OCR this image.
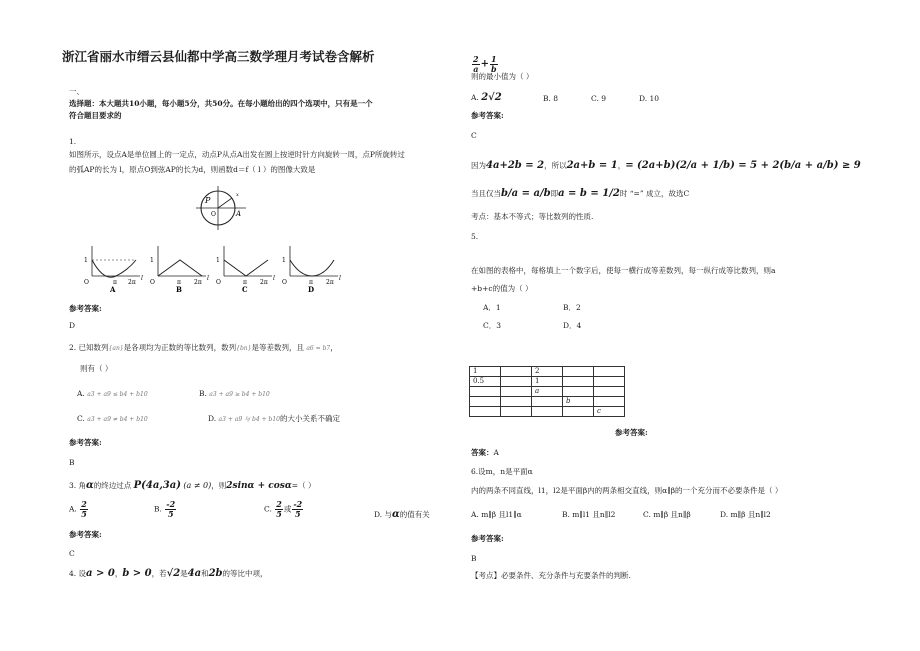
浙江省丽水市缙云县仙都中学高三数学理月考试卷含解析
一、
选择题：本大题共10小题，每小题5分，共50分。在每小题给出的四个选项中，只有是一个
符合题目要求的
1.
如图所示，设点A是单位圆上的一定点，动点P从点A出发在圆上按逆时针方向旋转一周，点P所旋转过
的弧AP的长为 l，原点O到弦AP的长为d，则函数d＝f（ l ）的图像大致是
P
O	A
x
1
O	π 2π
l
A
1
O	π 2π
l
B
1
O	π 2π
l
C
1
O	π 2π
l
D
参考答案:
D
2. 已知数列{an}是各项均为正数的等比数列，数列{bn}是等差数列，且 a6 = b7，
则有（ ）
A. a3 + a9 ≤ b4 + b10	B. a3 + a9 ≥ b4 + b10
C. a3 + a9 ≠ b4 + b10	D. a3 + a9 与 b4 + b10的大小关系不确定
参考答案:
B
3. 角α的终边过点 P(4a,3a) (a ≠ 0)，则2sinα + cosα=（ ）
A. $\frac{2}{5}$	B. $\frac{-2}{5}$	C. $\frac{2}{5}$ 或 $\frac{-2}{5}$	D. 与α的值有关
参考答案:
C
4. 设a > 0，b > 0，若√2是4a和2b的等比中项，
$\frac{2}{a} + \frac{1}{b}$
则的最小值为（ ）
A. 2√2	B. 8	C. 9	D. 10
参考答案:
C
因为4a+2b = 2，所以2a+b = 1，= (2a+b)(2/a + 1/b) = 5 + 2(b/a + a/b) ≥ 9
当且仅当b/a = a/b即a = b = 1/2时 “=” 成立，故选C
考点：基本不等式；等比数列的性质.
5.
在如图的表格中，每格填上一个数字后，使每一横行成等差数列，每一纵行成等比数列，则a
+b+c的值为（ ）
A．1	B．2
C．3	D．4
1		2		
0.5		1		
		a		
			b	
				c
参考答案:
答案：A
6.设m，n是平面α
内的两条不同直线，l1，l2是平面β内的两条相交直线，则α∥β的一个充分而不必要条件是（ ）
A. m∥β 且l1∥α	B. m∥l1 且n∥l2	C. m∥β 且n∥β	D. m∥β 且n∥l2
参考答案:
B
【考点】必要条件、充分条件与充要条件的判断.
